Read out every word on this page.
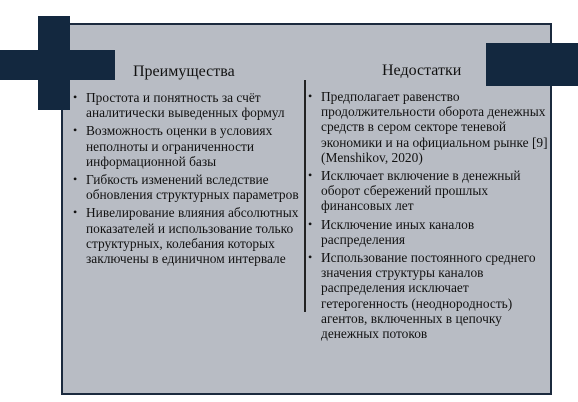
Преимущества	Недостатки
• Простота и понятность за счёт аналитически выведенных формул
• Возможность оценки в условиях неполноты и ограниченности информационной базы
• Гибкость изменений вследствие обновления структурных параметров
• Нивелирование влияния абсолютных показателей и использование только структурных, колебания которых заключены в единичном интервале
• Предполагает равенство продолжительности оборота денежных средств в сером секторе теневой экономики и на официальном рынке [9](Menshikov, 2020)
• Исключает включение в денежный оборот сбережений прошлых финансовых лет
• Исключение иных каналов распределения
• Использование постоянного среднего значения структуры каналов распределения исключает гетерогенность (неоднородность) агентов, включенных в цепочку денежных потоков
